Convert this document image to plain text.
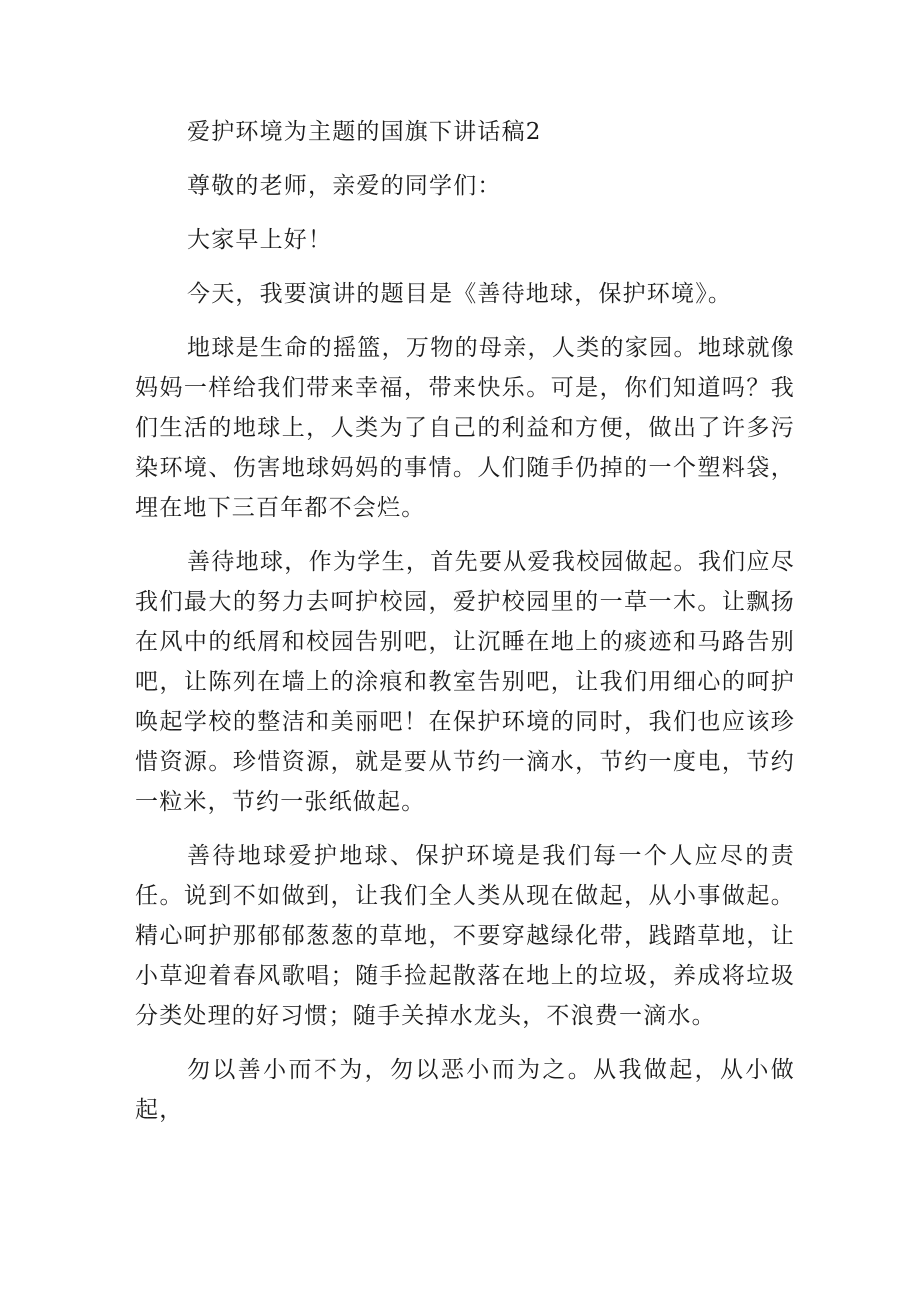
爱护环境为主题的国旗下讲话稿2

尊敬的老师，亲爱的同学们：

大家早上好！

今天，我要演讲的题目是《善待地球，保护环境》。

地球是生命的摇篮，万物的母亲，人类的家园。地球就像妈妈一样给我们带来幸福，带来快乐。可是，你们知道吗？我们生活的地球上，人类为了自己的利益和方便，做出了许多污染环境、伤害地球妈妈的事情。人们随手仍掉的一个塑料袋，埋在地下三百年都不会烂。

善待地球，作为学生，首先要从爱我校园做起。我们应尽我们最大的努力去呵护校园，爱护校园里的一草一木。让飘扬在风中的纸屑和校园告别吧，让沉睡在地上的痰迹和马路告别吧，让陈列在墙上的涂痕和教室告别吧，让我们用细心的呵护唤起学校的整洁和美丽吧！在保护环境的同时，我们也应该珍惜资源。珍惜资源，就是要从节约一滴水，节约一度电，节约一粒米，节约一张纸做起。

善待地球爱护地球、保护环境是我们每一个人应尽的责任。说到不如做到，让我们全人类从现在做起，从小事做起。精心呵护那郁郁葱葱的草地，不要穿越绿化带，践踏草地，让小草迎着春风歌唱；随手捡起散落在地上的垃圾，养成将垃圾分类处理的好习惯；随手关掉水龙头，不浪费一滴水。

勿以善小而不为，勿以恶小而为之。从我做起，从小做起，
